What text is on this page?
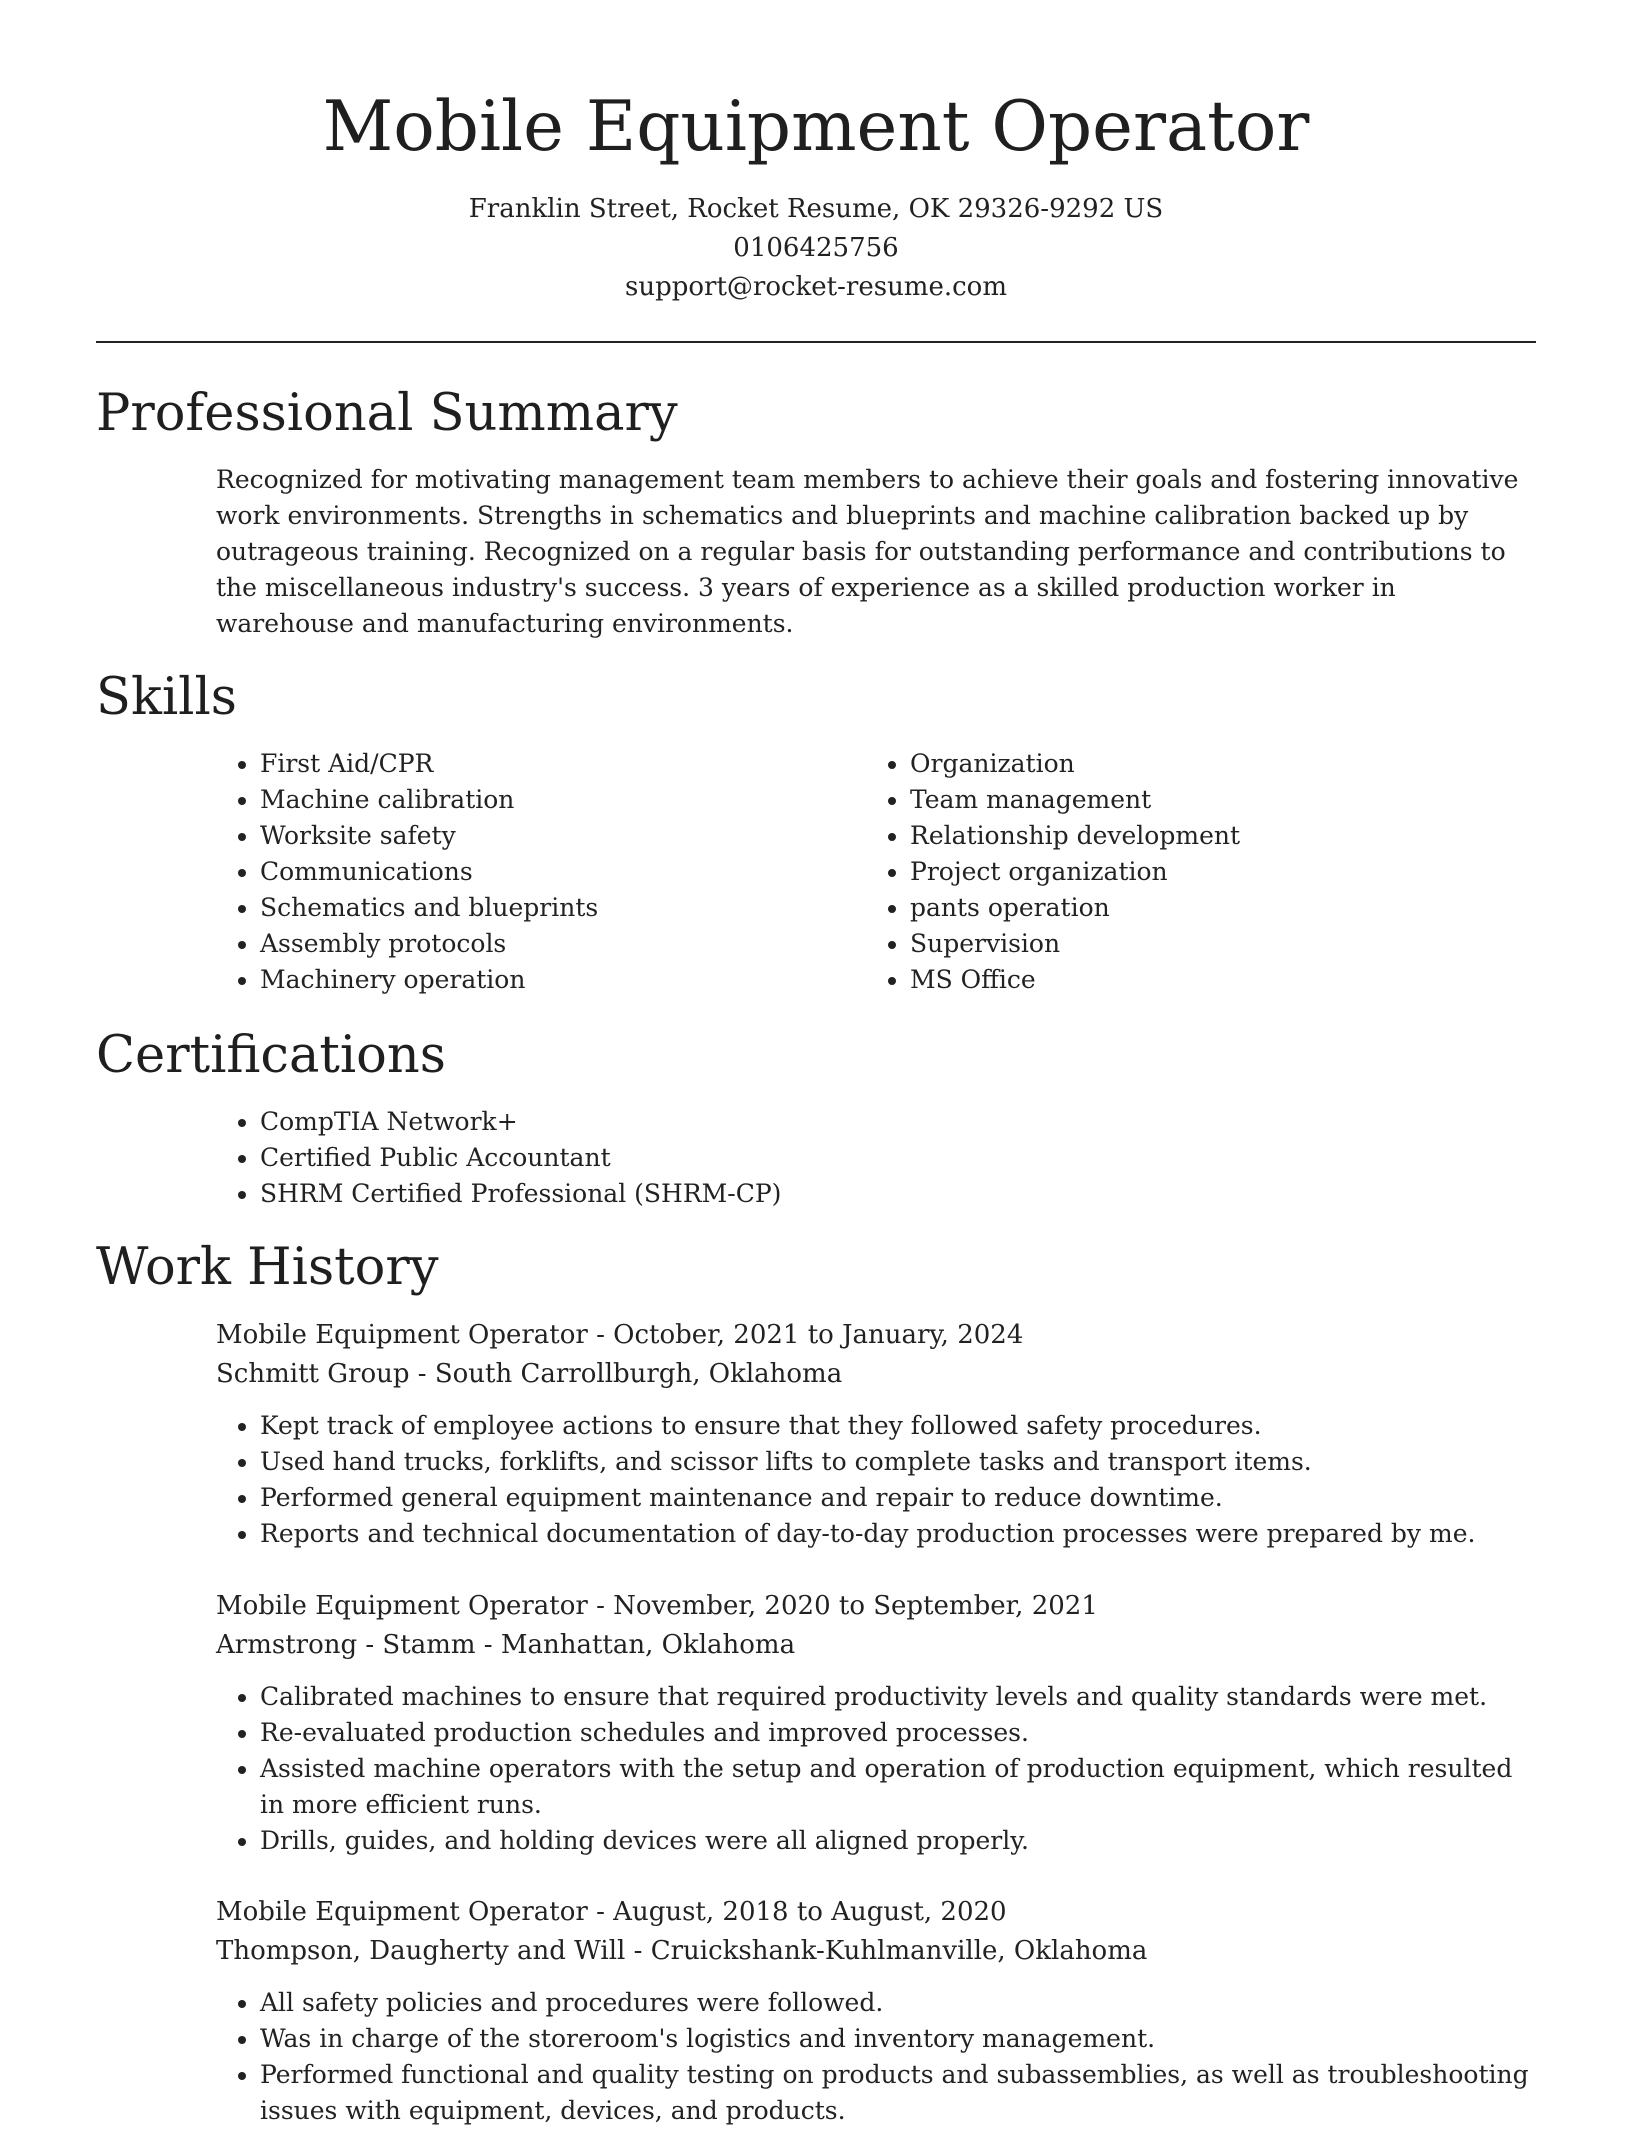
Mobile Equipment Operator
Franklin Street, Rocket Resume, OK 29326-9292 US
0106425756
support@rocket-resume.com
Professional Summary

Recognized for motivating management team members to achieve their goals and fostering innovative work environments. Strengths in schematics and blueprints and machine calibration backed up by outrageous training. Recognized on a regular basis for outstanding performance and contributions to the miscellaneous industry's success. 3 years of experience as a skilled production worker in warehouse and manufacturing environments.

Skills
• First Aid/CPR
• Machine calibration
• Worksite safety
• Communications
• Schematics and blueprints
• Assembly protocols
• Machinery operation
• Organization
• Team management
• Relationship development
• Project organization
• pants operation
• Supervision
• MS Office
Certifications
• CompTIA Network+
• Certified Public Accountant
• SHRM Certified Professional (SHRM-CP)
Work History
Mobile Equipment Operator - October, 2021 to January, 2024
Schmitt Group - South Carrollburgh, Oklahoma
• Kept track of employee actions to ensure that they followed safety procedures.
• Used hand trucks, forklifts, and scissor lifts to complete tasks and transport items.
• Performed general equipment maintenance and repair to reduce downtime.
• Reports and technical documentation of day-to-day production processes were prepared by me.
Mobile Equipment Operator - November, 2020 to September, 2021
Armstrong - Stamm - Manhattan, Oklahoma
• Calibrated machines to ensure that required productivity levels and quality standards were met.
• Re-evaluated production schedules and improved processes.
• Assisted machine operators with the setup and operation of production equipment, which resulted in more efficient runs.
• Drills, guides, and holding devices were all aligned properly.
Mobile Equipment Operator - August, 2018 to August, 2020
Thompson, Daugherty and Will - Cruickshank-Kuhlmanville, Oklahoma
• All safety policies and procedures were followed.
• Was in charge of the storeroom's logistics and inventory management.
• Performed functional and quality testing on products and subassemblies, as well as troubleshooting issues with equipment, devices, and products.
